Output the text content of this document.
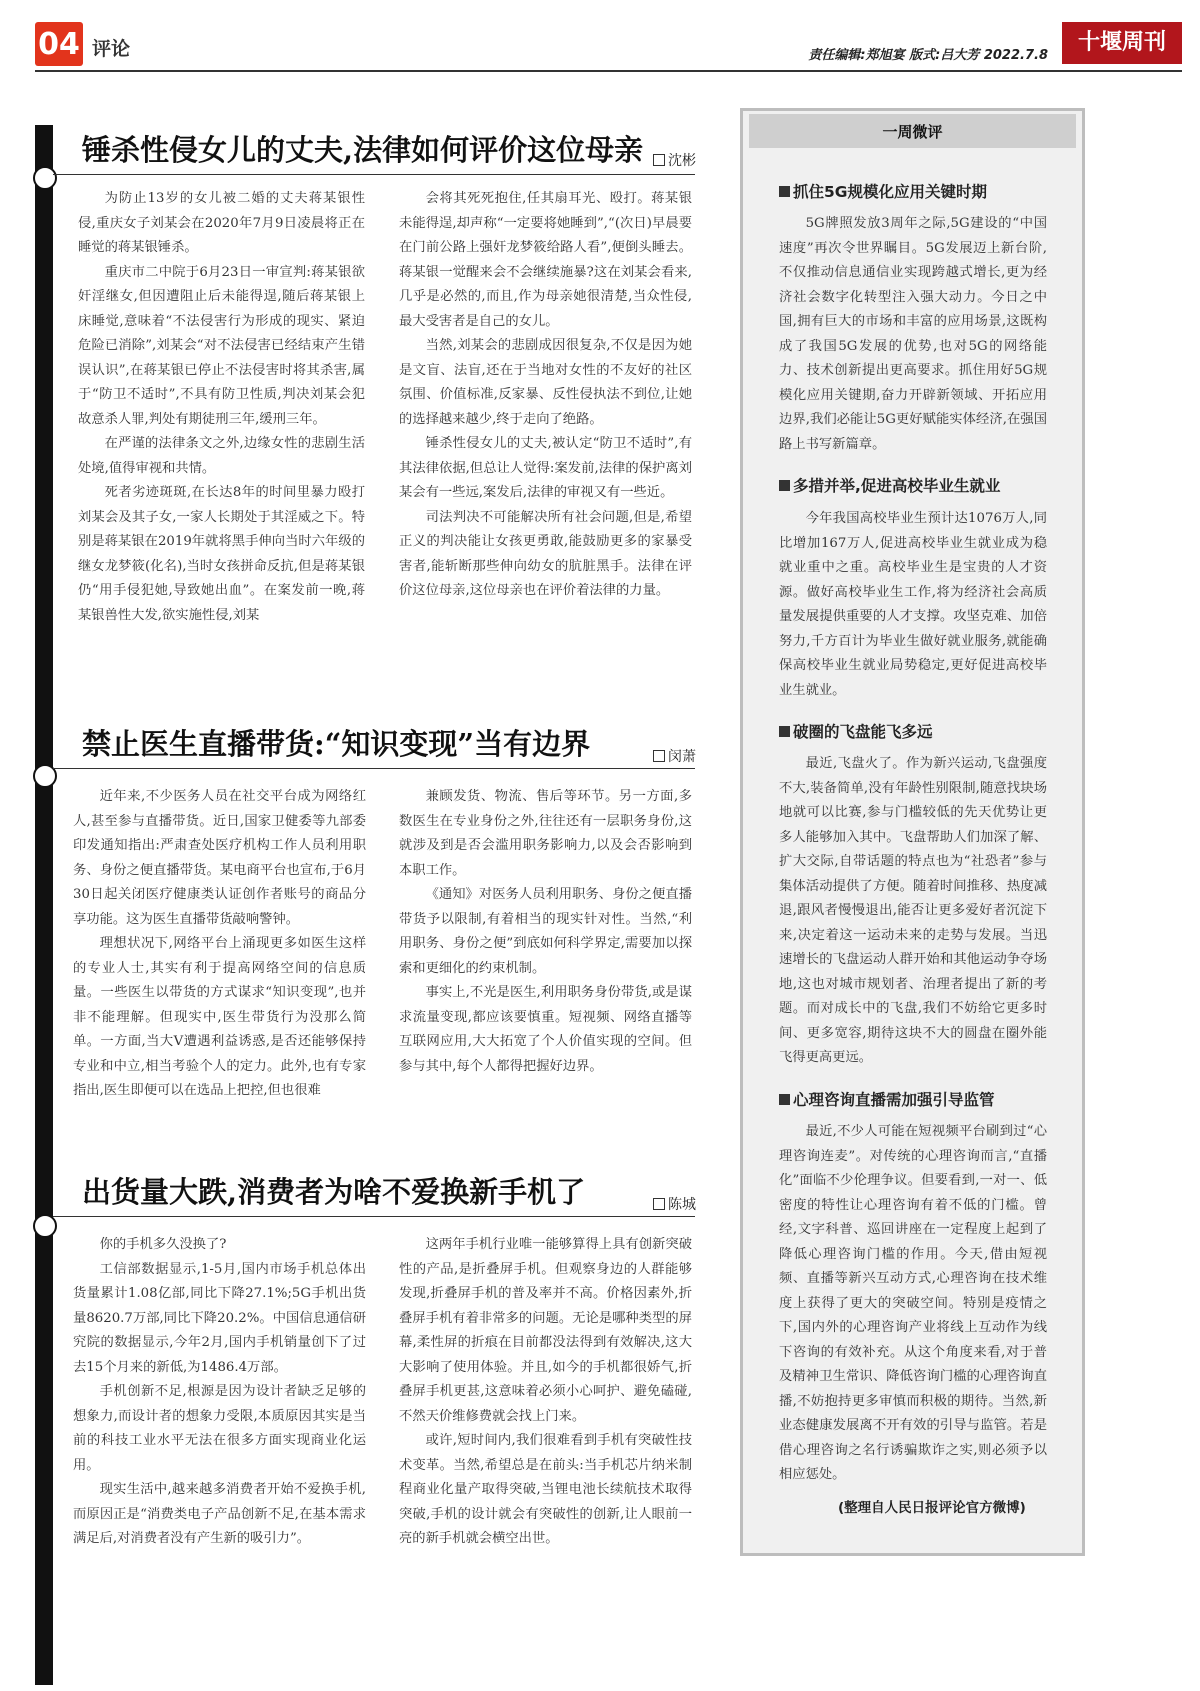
04 评论	责任编辑:郑旭宴 版式:吕大芳 2022.7.8
十堰周刊
锤杀性侵女儿的丈夫,法律如何评价这位母亲	沈彬

为防止13岁的女儿被二婚的丈夫蒋某银性侵,重庆女子刘某会在2020年7月9日凌晨将正在睡觉的蒋某银锤杀。

重庆市二中院于6月23日一审宣判:蒋某银欲奸淫继女,但因遭阻止后未能得逞,随后蒋某银上床睡觉,意味着“不法侵害行为形成的现实、紧迫危险已消除”,刘某会“对不法侵害已经结束产生错误认识”,在蒋某银已停止不法侵害时将其杀害,属于“防卫不适时”,不具有防卫性质,判决刘某会犯故意杀人罪,判处有期徒刑三年,缓刑三年。

在严谨的法律条文之外,边缘女性的悲剧生活处境,值得审视和共情。

死者劣迹斑斑,在长达8年的时间里暴力殴打刘某会及其子女,一家人长期处于其淫威之下。特别是蒋某银在2019年就将黑手伸向当时六年级的继女龙梦筱(化名),当时女孩拼命反抗,但是蒋某银仍“用手侵犯她,导致她出血”。在案发前一晚,蒋某银兽性大发,欲实施性侵,刘某

会将其死死抱住,任其扇耳光、殴打。蒋某银未能得逞,却声称“一定要将她睡到”,“(次日)早晨要在门前公路上强奸龙梦筱给路人看”,便倒头睡去。蒋某银一觉醒来会不会继续施暴?这在刘某会看来,几乎是必然的,而且,作为母亲她很清楚,当众性侵,最大受害者是自己的女儿。

当然,刘某会的悲剧成因很复杂,不仅是因为她是文盲、法盲,还在于当地对女性的不友好的社区氛围、价值标准,反家暴、反性侵执法不到位,让她的选择越来越少,终于走向了绝路。

锤杀性侵女儿的丈夫,被认定“防卫不适时”,有其法律依据,但总让人觉得:案发前,法律的保护离刘某会有一些远,案发后,法律的审视又有一些近。

司法判决不可能解决所有社会问题,但是,希望正义的判决能让女孩更勇敢,能鼓励更多的家暴受害者,能斩断那些伸向幼女的肮脏黑手。法律在评价这位母亲,这位母亲也在评价着法律的力量。

禁止医生直播带货:“知识变现”当有边界	闵萧

近年来,不少医务人员在社交平台成为网络红人,甚至参与直播带货。近日,国家卫健委等九部委印发通知指出:严肃查处医疗机构工作人员利用职务、身份之便直播带货。某电商平台也宣布,于6月30日起关闭医疗健康类认证创作者账号的商品分享功能。这为医生直播带货敲响警钟。

理想状况下,网络平台上涌现更多如医生这样的专业人士,其实有利于提高网络空间的信息质量。一些医生以带货的方式谋求“知识变现”,也并非不能理解。但现实中,医生带货行为没那么简单。一方面,当大V遭遇利益诱惑,是否还能够保持专业和中立,相当考验个人的定力。此外,也有专家指出,医生即便可以在选品上把控,但也很难

兼顾发货、物流、售后等环节。另一方面,多数医生在专业身份之外,往往还有一层职务身份,这就涉及到是否会滥用职务影响力,以及会否影响到本职工作。

《通知》对医务人员利用职务、身份之便直播带货予以限制,有着相当的现实针对性。当然,“利用职务、身份之便”到底如何科学界定,需要加以探索和更细化的约束机制。

事实上,不光是医生,利用职务身份带货,或是谋求流量变现,都应该要慎重。短视频、网络直播等互联网应用,大大拓宽了个人价值实现的空间。但参与其中,每个人都得把握好边界。

出货量大跌,消费者为啥不爱换新手机了	陈城

你的手机多久没换了?

工信部数据显示,1-5月,国内市场手机总体出货量累计1.08亿部,同比下降27.1%;5G手机出货量8620.7万部,同比下降20.2%。中国信息通信研究院的数据显示,今年2月,国内手机销量创下了过去15个月来的新低,为1486.4万部。

手机创新不足,根源是因为设计者缺乏足够的想象力,而设计者的想象力受限,本质原因其实是当前的科技工业水平无法在很多方面实现商业化运用。

现实生活中,越来越多消费者开始不爱换手机,而原因正是“消费类电子产品创新不足,在基本需求满足后,对消费者没有产生新的吸引力”。

这两年手机行业唯一能够算得上具有创新突破性的产品,是折叠屏手机。但观察身边的人群能够发现,折叠屏手机的普及率并不高。价格因素外,折叠屏手机有着非常多的问题。无论是哪种类型的屏幕,柔性屏的折痕在目前都没法得到有效解决,这大大影响了使用体验。并且,如今的手机都很娇气,折叠屏手机更甚,这意味着必须小心呵护、避免磕碰,不然天价维修费就会找上门来。

或许,短时间内,我们很难看到手机有突破性技术变革。当然,希望总是在前头:当手机芯片纳米制程商业化量产取得突破,当锂电池长续航技术取得突破,手机的设计就会有突破性的创新,让人眼前一亮的新手机就会横空出世。

一周微评
抓住5G规模化应用关键时期

5G牌照发放3周年之际,5G建设的“中国速度”再次令世界瞩目。5G发展迈上新台阶,不仅推动信息通信业实现跨越式增长,更为经济社会数字化转型注入强大动力。今日之中国,拥有巨大的市场和丰富的应用场景,这既构成了我国5G发展的优势,也对5G的网络能力、技术创新提出更高要求。抓住用好5G规模化应用关键期,奋力开辟新领域、开拓应用边界,我们必能让5G更好赋能实体经济,在强国路上书写新篇章。

多措并举,促进高校毕业生就业

今年我国高校毕业生预计达1076万人,同比增加167万人,促进高校毕业生就业成为稳就业重中之重。高校毕业生是宝贵的人才资源。做好高校毕业生工作,将为经济社会高质量发展提供重要的人才支撑。攻坚克难、加倍努力,千方百计为毕业生做好就业服务,就能确保高校毕业生就业局势稳定,更好促进高校毕业生就业。

破圈的飞盘能飞多远

最近,飞盘火了。作为新兴运动,飞盘强度不大,装备简单,没有年龄性别限制,随意找块场地就可以比赛,参与门槛较低的先天优势让更多人能够加入其中。飞盘帮助人们加深了解、扩大交际,自带话题的特点也为“社恐者”参与集体活动提供了方便。随着时间推移、热度减退,跟风者慢慢退出,能否让更多爱好者沉淀下来,决定着这一运动未来的走势与发展。当迅速增长的飞盘运动人群开始和其他运动争夺场地,这也对城市规划者、治理者提出了新的考题。而对成长中的飞盘,我们不妨给它更多时间、更多宽容,期待这块不大的圆盘在圈外能飞得更高更远。

心理咨询直播需加强引导监管

最近,不少人可能在短视频平台刷到过“心理咨询连麦”。对传统的心理咨询而言,“直播化”面临不少伦理争议。但要看到,一对一、低密度的特性让心理咨询有着不低的门槛。曾经,文字科普、巡回讲座在一定程度上起到了降低心理咨询门槛的作用。今天,借由短视频、直播等新兴互动方式,心理咨询在技术维度上获得了更大的突破空间。特别是疫情之下,国内外的心理咨询产业将线上互动作为线下咨询的有效补充。从这个角度来看,对于普及精神卫生常识、降低咨询门槛的心理咨询直播,不妨抱持更多审慎而积极的期待。当然,新业态健康发展离不开有效的引导与监管。若是借心理咨询之名行诱骗欺诈之实,则必须予以相应惩处。

(整理自人民日报评论官方微博)
